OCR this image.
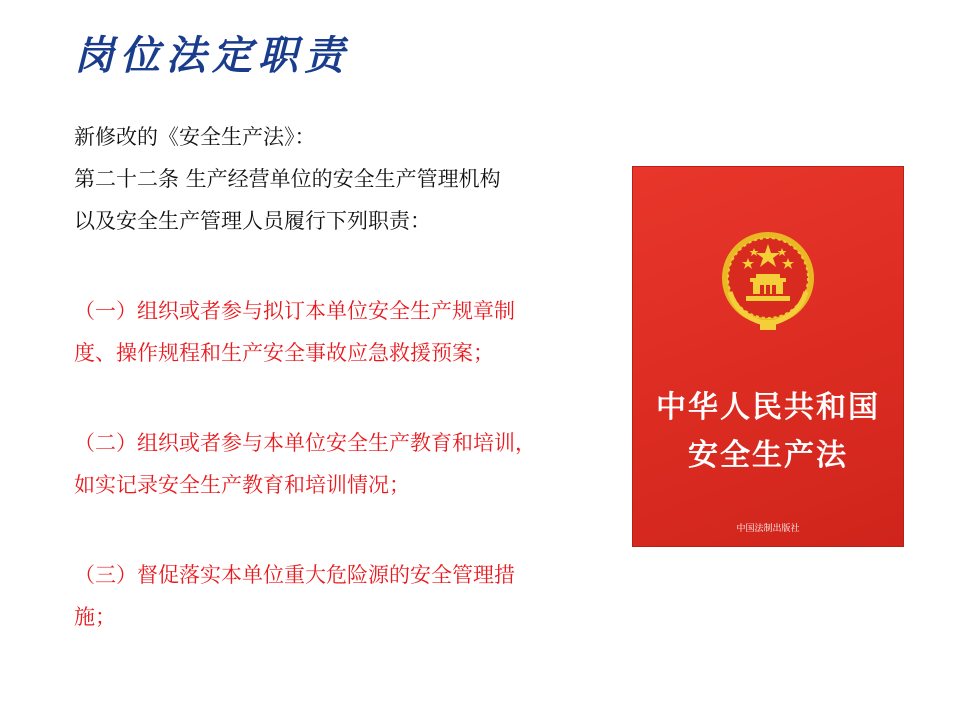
岗位法定职责
新修改的《安全生产法》：
第二十二条 生产经营单位的安全生产管理机构
以及安全生产管理人员履行下列职责：
（一）组织或者参与拟订本单位安全生产规章制
度、操作规程和生产安全事故应急救援预案；
（二）组织或者参与本单位安全生产教育和培训，
如实记录安全生产教育和培训情况；
（三）督促落实本单位重大危险源的安全管理措
施；
中华人民共和国
安全生产法
中国法制出版社
